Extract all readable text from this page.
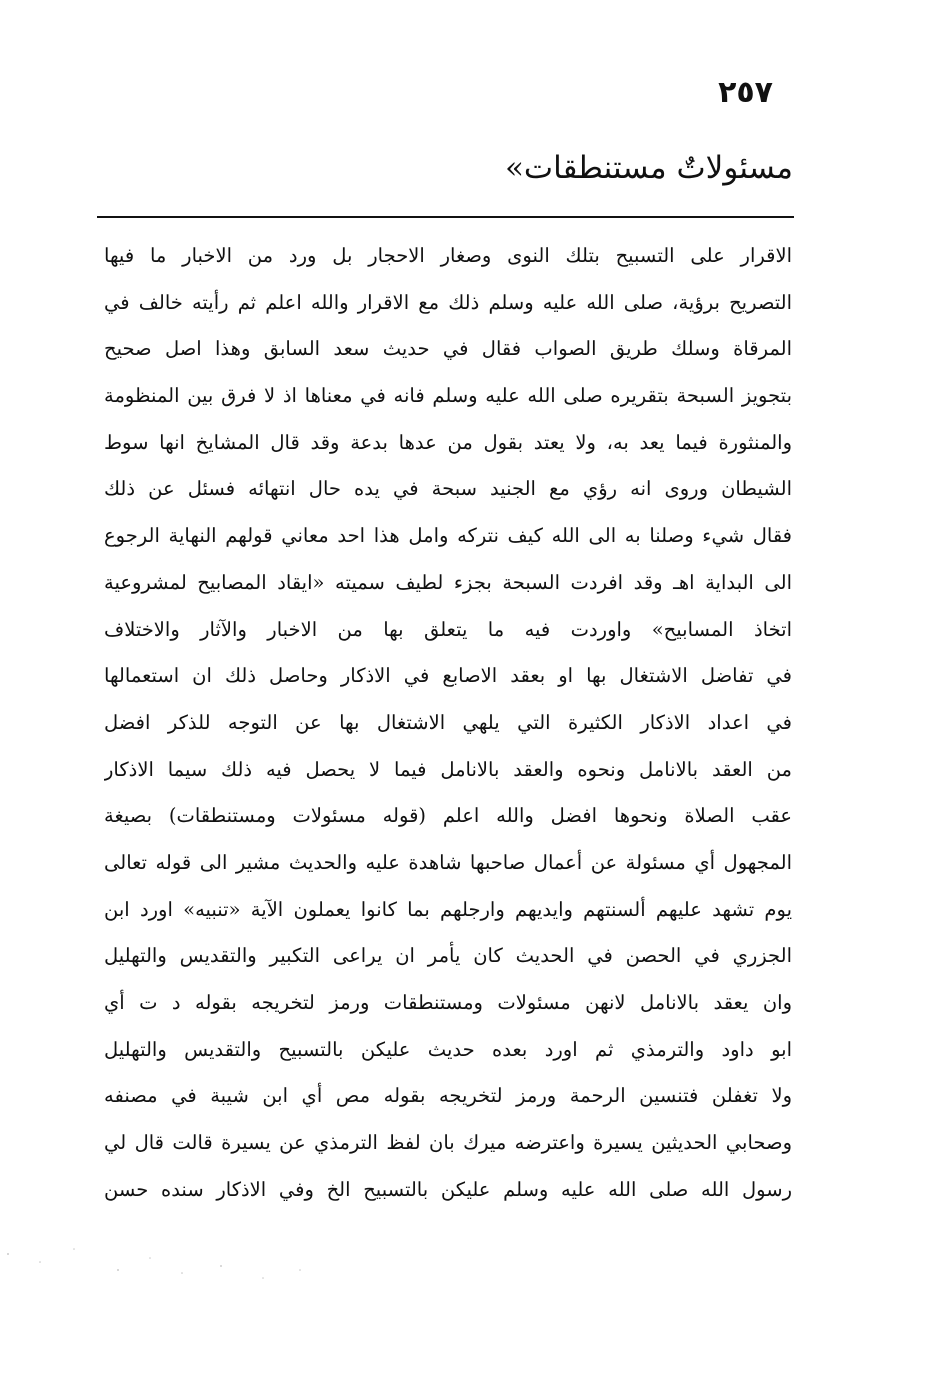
٢٥٧
مسئولاتٌ مستنطقات»
الاقرار على التسبيح بتلك النوى وصغار الاحجار بل ورد من الاخبار ما فيها
التصريح برؤية، صلى الله عليه وسلم ذلك مع الاقرار والله اعلم ثم رأيته خالف في
المرقاة وسلك طريق الصواب فقال في حديث سعد السابق وهذا اصل صحيح
بتجويز السبحة بتقريره صلى الله عليه وسلم فانه في معناها اذ لا فرق بين المنظومة
والمنثورة فيما يعد به، ولا يعتد بقول من عدها بدعة وقد قال المشايخ انها سوط
الشيطان وروى انه رؤي مع الجنيد سبحة في يده حال انتهائه فسئل عن ذلك
فقال شيء وصلنا به الى الله كيف نتركه وامل هذا احد معاني قولهم النهاية الرجوع
الى البداية اهـ وقد افردت السبحة بجزء لطيف سميته «ايقاد المصابيح لمشروعية
اتخاذ المسابيح» واوردت فيه ما يتعلق بها من الاخبار والآثار والاختلاف
في تفاضل الاشتغال بها او بعقد الاصابع في الاذكار وحاصل ذلك ان استعمالها
في اعداد الاذكار الكثيرة التي يلهي الاشتغال بها عن التوجه للذكر افضل
من العقد بالانامل ونحوه والعقد بالانامل فيما لا يحصل فيه ذلك سيما الاذكار
عقب الصلاة ونحوها افضل والله اعلم (قوله مسئولات ومستنطقات) بصيغة
المجهول أي مسئولة عن أعمال صاحبها شاهدة عليه والحديث مشير الى قوله تعالى
يوم تشهد عليهم ألسنتهم وايديهم وارجلهم بما كانوا يعملون الآية «تنبيه» اورد ابن
الجزري في الحصن في الحديث كان يأمر ان يراعى التكبير والتقديس والتهليل
وان يعقد بالانامل لانهن مسئولات ومستنطقات ورمز لتخريجه بقوله د ت أي
ابو داود والترمذي ثم اورد بعده حديث عليكن بالتسبيح والتقديس والتهليل
ولا تغفلن فتنسين الرحمة ورمز لتخريجه بقوله مص أي ابن شيبة في مصنفه
وصحابي الحديثين يسيرة واعترضه ميرك بان لفظ الترمذي عن يسيرة قالت قال لي
رسول الله صلى الله عليه وسلم عليكن بالتسبيح الخ وفي الاذكار سنده حسن
